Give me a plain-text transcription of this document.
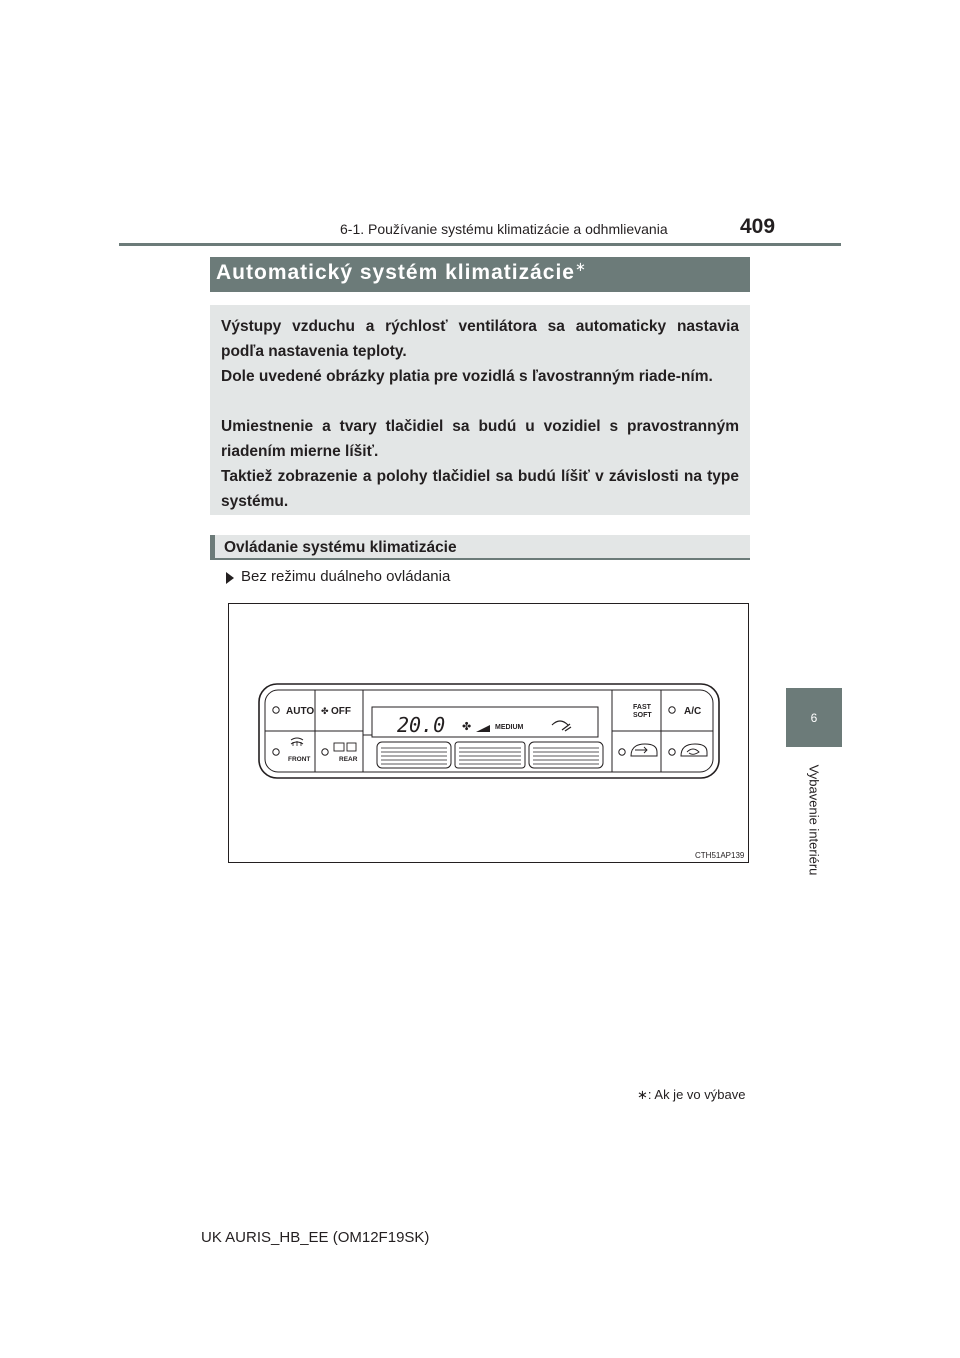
6-1. Používanie systému klimatizácie a odhmlievania	409
6
Vybavenie interiéru
Automatický systém klimatizácie∗
Výstupy vzduchu a rýchlosť ventilátora sa automaticky nastavia podľa nastavenia teploty.
Dole uvedené obrázky platia pre vozidlá s ľavostranným riade-ním.
Umiestnenie a tvary tlačidiel sa budú u vozidiel s pravostranným riadením mierne líšiť.
Taktiež zobrazenie a polohy tlačidiel sa budú líšiť v závislosti na type systému.
Ovládanie systému klimatizácie
Bez režimu duálneho ovládania
AUTO ✤ OFF
FRONT	REAR
20.0 ✤	MEDIUM
FAST
SOFT	A/C
CTH51AP139
∗: Ak je vo výbave
UK AURIS_HB_EE (OM12F19SK)
